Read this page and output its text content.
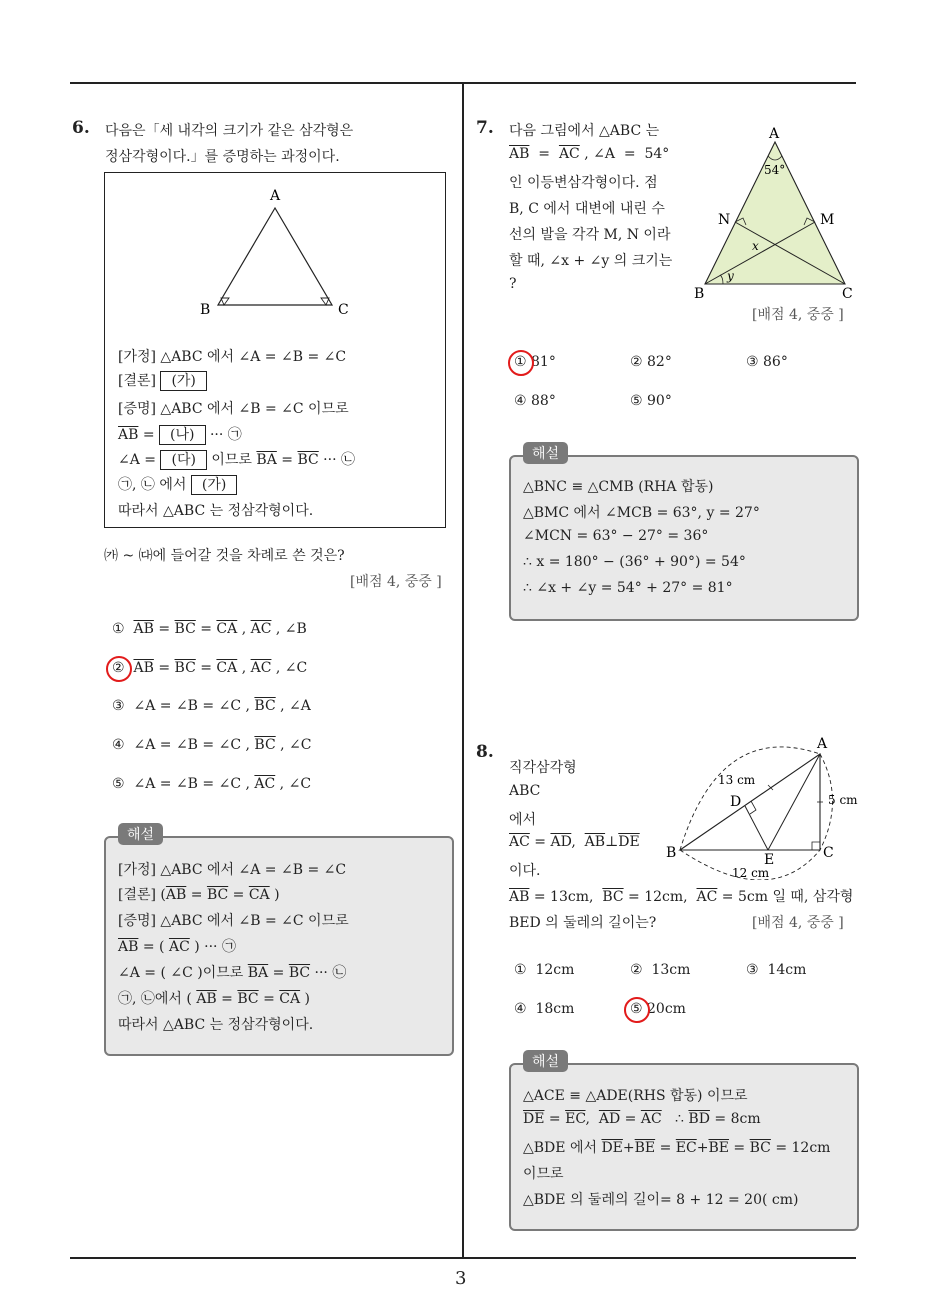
3
6. 다음은「세 내각의 크기가 같은 삼각형은
정삼각형이다.」를 증명하는 과정이다.
A
B	C
[가정] △ABC 에서 ∠A = ∠B = ∠C
[결론] (가)
[증명] △ABC 에서 ∠B = ∠C 이므로
$\overline{AB}$ = (나) ··· ㉠
∠A = (다) 이므로 $\overline{BA} = \overline{BC}$ ··· ㉡
㉠, ㉡ 에서 (가)
따라서 △ABC 는 정삼각형이다.
㈎ ~ ㈐에 들어갈 것을 차례로 쓴 것은?
[배점 4, 중중 ]
① $\overline{AB} = \overline{BC} = \overline{CA}$ , $\overline{AC}$ , ∠B
② $\overline{AB} = \overline{BC} = \overline{CA}$ , $\overline{AC}$ , ∠C
③ ∠A = ∠B = ∠C , $\overline{BC}$ , ∠A
④ ∠A = ∠B = ∠C , $\overline{BC}$ , ∠C
⑤ ∠A = ∠B = ∠C , $\overline{AC}$ , ∠C
해설
[가정] △ABC 에서 ∠A = ∠B = ∠C
[결론] ($\overline{AB} = \overline{BC} = \overline{CA}$ )
[증명] △ABC 에서 ∠B = ∠C 이므로
$\overline{AB}$ = ( $\overline{AC}$ ) ··· ㉠
∠A = ( ∠C )이므로 $\overline{BA} = \overline{BC}$ ··· ㉡
㉠, ㉡에서 ( $\overline{AB} = \overline{BC} = \overline{CA}$ )
따라서 △ABC 는 정삼각형이다.
7. 다음 그림에서 △ABC 는
$\overline{AB} = \overline{AC}$ , ∠A  =  54°
인 이등변삼각형이다. 점
B, C 에서 대변에 내린 수
선의 발을 각각 M, N 이라
할 때, ∠x + ∠y 의 크기는
?
A
B	C
N	M
54°
x
y
[배점 4, 중중 ]
① 81°	② 82°	③ 86°
④ 88°	⑤ 90°
해설
△BNC ≡ △CMB (RHA 합동)
△BMC 에서 ∠MCB = 63°, y = 27°
∠MCN = 63° − 27° = 36°
∴ x = 180° − (36° + 90°) = 54°
∴ ∠x + ∠y = 54° + 27° = 81°
8.
직각삼각형
ABC
에서
$\overline{AC} = \overline{AD}$,  $\overline{AB}\perp\overline{DE}$
이다.
$\overline{AB} = 13cm$,  $\overline{BC} = 12cm$,  $\overline{AC} = 5cm$ 일 때, 삼각형
BED 의 둘레의 길이는?	[배점 4, 중중 ]
A
B	C
D
E
13 cm
5 cm
12 cm
① 12cm	② 13cm	③ 14cm
④ 18cm	⑤ 20cm
해설
△ACE ≡ △ADE(RHS 합동) 이므로
$\overline{DE} = \overline{EC}$,  $\overline{AD} = \overline{AC}$   ∴ $\overline{BD} = 8cm$
△BDE 에서 $\overline{DE}+\overline{BE} = \overline{EC}+\overline{BE} = \overline{BC} = 12cm$
이므로
△BDE 의 둘레의 길이= 8 + 12 = 20( cm)
